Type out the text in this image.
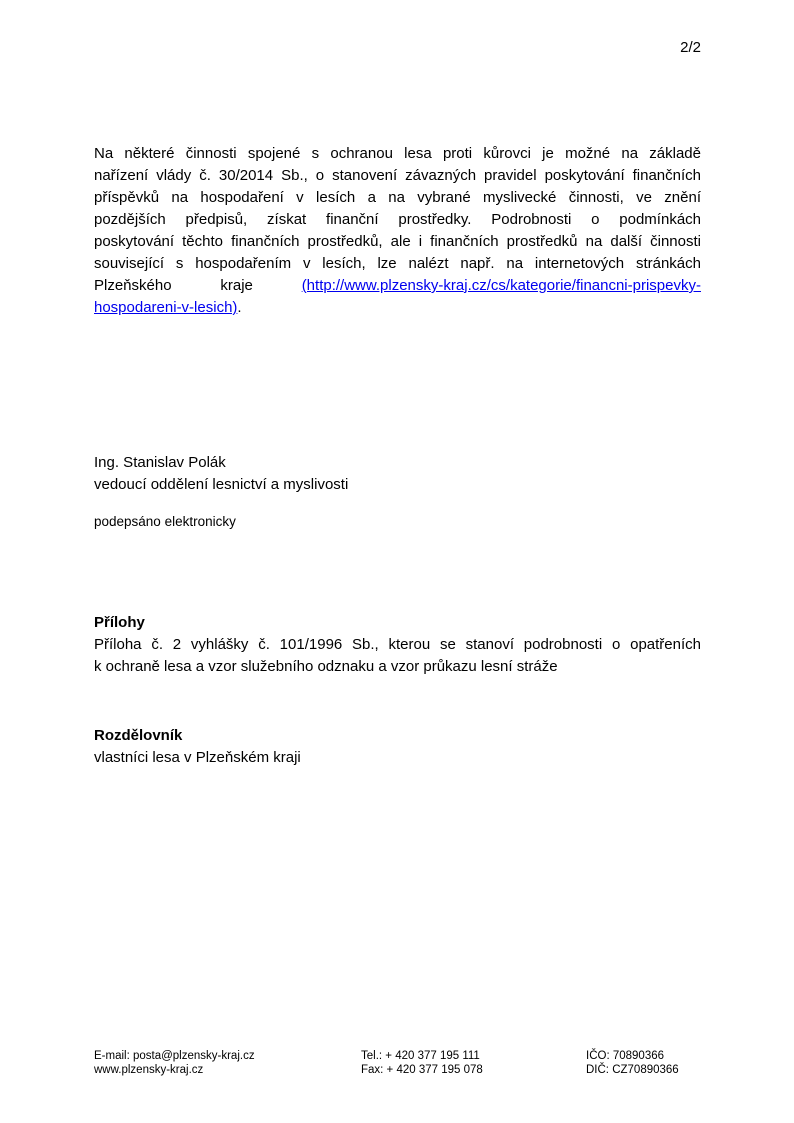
2/2
Na některé činnosti spojené s ochranou lesa proti kůrovci je možné na základě
nařízení vlády č. 30/2014 Sb., o stanovení závazných pravidel poskytování finančních
příspěvků na hospodaření v lesích a na vybrané myslivecké činnosti, ve znění
pozdějších předpisů, získat finanční prostředky. Podrobnosti o podmínkách
poskytování těchto finančních prostředků, ale i finančních prostředků na další činnosti
související s hospodařením v lesích, lze nalézt např. na internetových stránkách
Plzeňského kraje (http://www.plzensky-kraj.cz/cs/kategorie/financni-prispevky-
hospodareni-v-lesich).
Ing. Stanislav Polák
vedoucí oddělení lesnictví a myslivosti
podepsáno elektronicky
Přílohy
Příloha č. 2 vyhlášky č. 101/1996 Sb., kterou se stanoví podrobnosti o opatřeních
k ochraně lesa a vzor služebního odznaku a vzor průkazu lesní stráže
Rozdělovník
vlastníci lesa v Plzeňském kraji
E-mail: posta@plzensky-kraj.cz
www.plzensky-kraj.cz
Tel.: + 420 377 195 111
Fax: + 420 377 195 078
IČO: 70890366
DIČ: CZ70890366
